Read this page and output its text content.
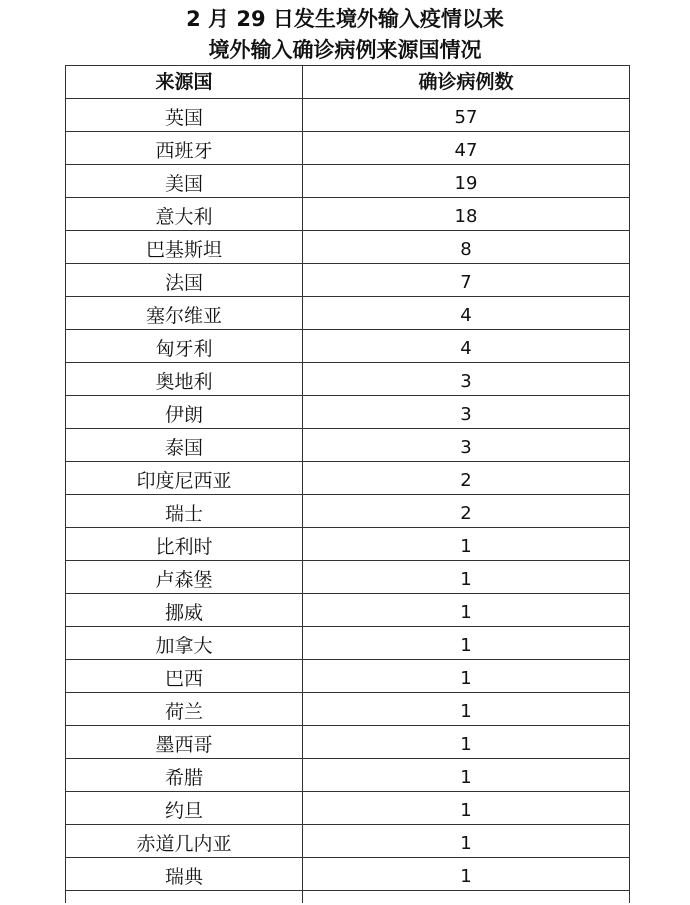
2 月 29 日发生境外输入疫情以来
境外输入确诊病例来源国情况
来源国	确诊病例数
英国	57
西班牙	47
美国	19
意大利	18
巴基斯坦	8
法国	7
塞尔维亚	4
匈牙利	4
奥地利	3
伊朗	3
泰国	3
印度尼西亚	2
瑞士	2
比利时	1
卢森堡	1
挪威	1
加拿大	1
巴西	1
荷兰	1
墨西哥	1
希腊	1
约旦	1
赤道几内亚	1
瑞典	1
